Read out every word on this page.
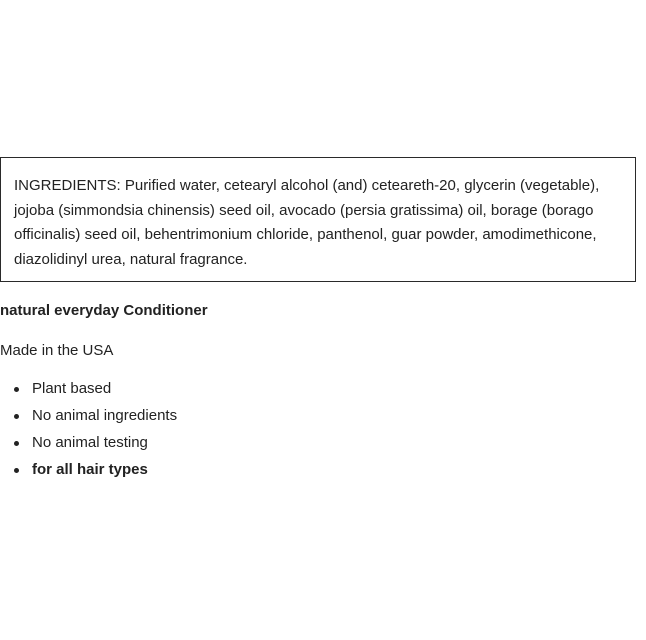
INGREDIENTS: Purified water, cetearyl alcohol (and) ceteareth-20, glycerin (vegetable), jojoba (simmondsia chinensis) seed oil, avocado (persia gratissima) oil, borage (borago officinalis) seed oil, behentrimonium chloride, panthenol, guar powder, amodimethicone, diazolidinyl urea, natural fragrance.

natural everyday Conditioner

Made in the USA

Plant based
No animal ingredients
No animal testing
for all hair types
